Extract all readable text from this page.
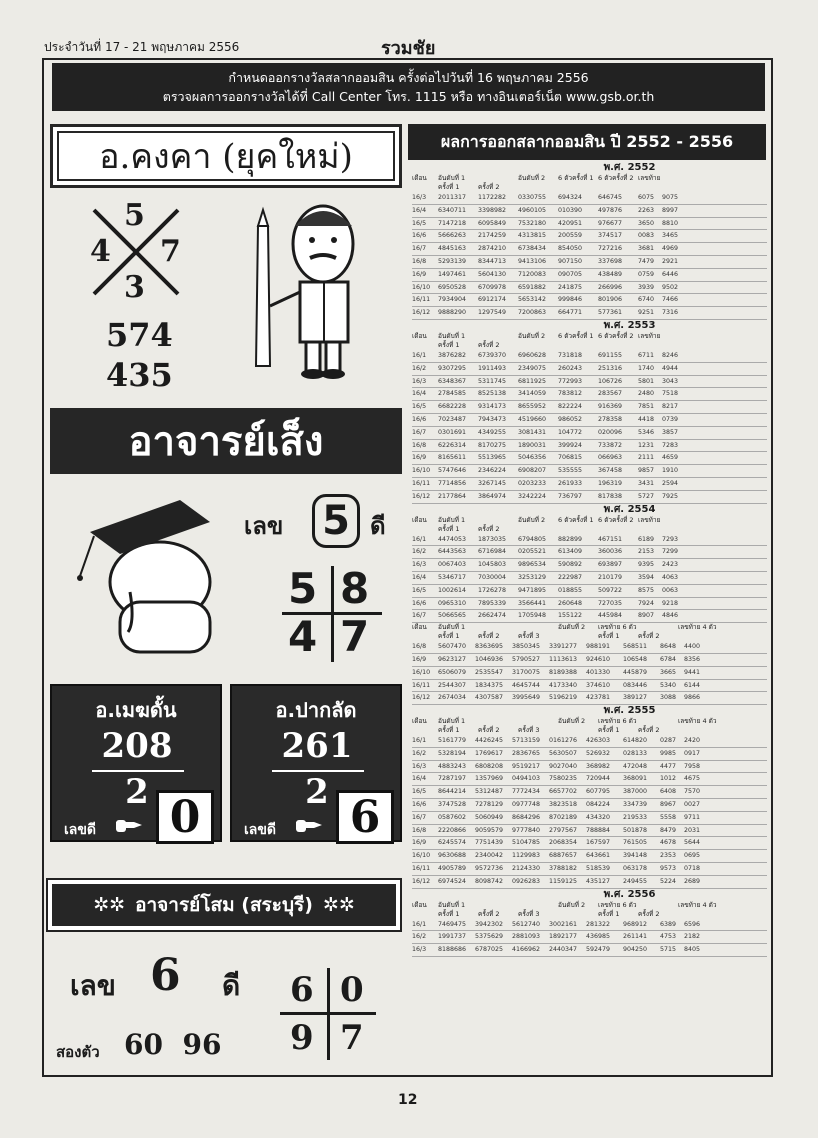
ประจำวันที่ 17 - 21 พฤษภาคม 2556	รวมชัย
กำหนดออกรางวัลสลากออมสิน ครั้งต่อไปวันที่ 16 พฤษภาคม 2556
ตรวจผลการออกรางวัลได้ที่ Call Center โทร. 1115 หรือ ทางอินเตอร์เน็ต www.gsb.or.th
อ.คงคา (ยุคใหม่)
5
4 7
3
574
435
อาจารย์เส็ง
เลข 5 ดี
5 8
4 7
อ.เมฆดั้น
208
2
เลขดี	0
อ.ปากลัด
261
2
เลขดี	6
✲✲ อาจารย์โสม (สระบุรี) ✲✲
เลข 6 ดี 6 0
9 7
สองตัว 60  96
ผลการออกสลากออมสิน ปี 2552 - 2556
พ.ศ. 2552
เดือน	อันดับที่ 1	อันดับที่ 2	6 ตัวครั้งที่ 1 6 ตัวครั้งที่ 2 เลขท้าย
ครั้งที่ 1	ครั้งที่ 2
16/3	2011317	1172282	0330755	694324	646745	6075	9075
16/4	6340711	3398982	4960105	010390	497876	2263	8997
16/5	7147218	6095849	7532180	420951	976677	3650	8810
16/6	5666263	2174259	4313815	200559	374517	0083	3465
16/7	4845163	2874210	6738434	854050	727216	3681	4969
16/8	5293139	8344713	9413106	907150	337698	7479	2921
16/9	1497461	5604130	7120083	090705	438489	0759	6446
16/10	6950528	6709978	6591882	241875	266996	3939	9502
16/11	7934904	6912174	5653142	999846	801906	6740	7466
16/12	9888290	1297549	7200863	664771	577361	9251	7316
พ.ศ. 2553
เดือน	อันดับที่ 1	อันดับที่ 2	6 ตัวครั้งที่ 1 6 ตัวครั้งที่ 2 เลขท้าย
ครั้งที่ 1	ครั้งที่ 2
16/1	3876282	6739370	6960628	731818	691155	6711	8246
16/2	9307295	1911493	2349075	260243	251316	1740	4944
16/3	6348367	5311745	6811925	772993	106726	5801	3043
16/4	2784585	8525138	3414059	783812	283567	2480	7518
16/5	6682228	9314173	8655952	822224	916369	7851	8217
16/6	7023487	7943473	4519660	986052	278358	4418	0739
16/7	0301691	4349255	3081431	104772	020096	5346	3857
16/8	6226314	8170275	1890031	399924	733872	1231	7283
16/9	8165611	5513965	5046356	706815	066963	2111	4659
16/10	5747646	2346224	6908207	535555	367458	9857	1910
16/11	7714856	3267145	0203233	261933	196319	3431	2594
16/12	2177864	3864974	3242224	736797	817838	5727	7925
พ.ศ. 2554
เดือน	อันดับที่ 1	อันดับที่ 2	6 ตัวครั้งที่ 1 6 ตัวครั้งที่ 2 เลขท้าย
ครั้งที่ 1	ครั้งที่ 2
16/1	4474053	1873035	6794805	882899	467151	6189	7293
16/2	6443563	6716984	0205521	613409	360036	2153	7299
16/3	0067403	1045803	9896534	590892	693897	9395	2423
16/4	5346717	7030004	3253129	222987	210179	3594	4063
16/5	1002614	1726278	9471895	018855	509722	8575	0063
16/6	0965310	7895339	3566441	260648	727035	7924	9218
16/7	5066565	2662474	1705948	155122	445984	8907	4846
เดือน	อันดับที่ 1	อันดับที่ 2	เลขท้าย 6 ตัว	เลขท้าย 4 ตัว
ครั้งที่ 1	ครั้งที่ 2	ครั้งที่ 3	ครั้งที่ 1	ครั้งที่ 2
16/8	5607470	8363695	3850345	3391277	988191	568511	8648	4400
16/9	9623127	1046936	5790527	1113613	924610	106548	6784	8356
16/10	6506079	2535547	3170075	8189388	401330	445879	3665	9441
16/11	2544307	1834375	4645744	4173340	374610	083446	5340	6144
16/12	2674034	4307587	3995649	5196219	423781	389127	3088	9866
พ.ศ. 2555
เดือน	อันดับที่ 1	อันดับที่ 2	เลขท้าย 6 ตัว	เลขท้าย 4 ตัว
ครั้งที่ 1	ครั้งที่ 2	ครั้งที่ 3	ครั้งที่ 1	ครั้งที่ 2
16/1	5161779	4426245	5713159	0161276	426303	614820	0287	2420
16/2	5328194	1769617	2836765	5630507	526932	028133	9985	0917
16/3	4883243	6808208	9519217	9027040	368982	472048	4477	7958
16/4	7287197	1357969	0494103	7580235	720944	368091	1012	4675
16/5	8644214	5312487	7772434	6657702	607795	387000	6408	7570
16/6	3747528	7278129	0977748	3823518	084224	334739	8967	0027
16/7	0587602	5060949	8684296	8702189	434320	219533	5558	9711
16/8	2220866	9059579	9777840	2797567	788884	501878	8479	2031
16/9	6245574	7751439	5104785	2068354	167597	761505	4678	5644
16/10	9630688	2340042	1129983	6887657	643661	394148	2353	0695
16/11	4905789	9572736	2124330	3788182	518539	063178	9573	0718
16/12	6974524	8098742	0926283	1159125	435127	249455	5224	2689
พ.ศ. 2556
เดือน	อันดับที่ 1	อันดับที่ 2	เลขท้าย 6 ตัว	เลขท้าย 4 ตัว
ครั้งที่ 1	ครั้งที่ 2	ครั้งที่ 3	ครั้งที่ 1	ครั้งที่ 2
16/1	7469475	3942302	5612740	3002161	281322	968912	6389	6596
16/2	1991737	5375629	2881093	1892177	436985	261141	4753	2182
16/3	8188686	6787025	4166962	2440347	592479	904250	5715	8405
12
